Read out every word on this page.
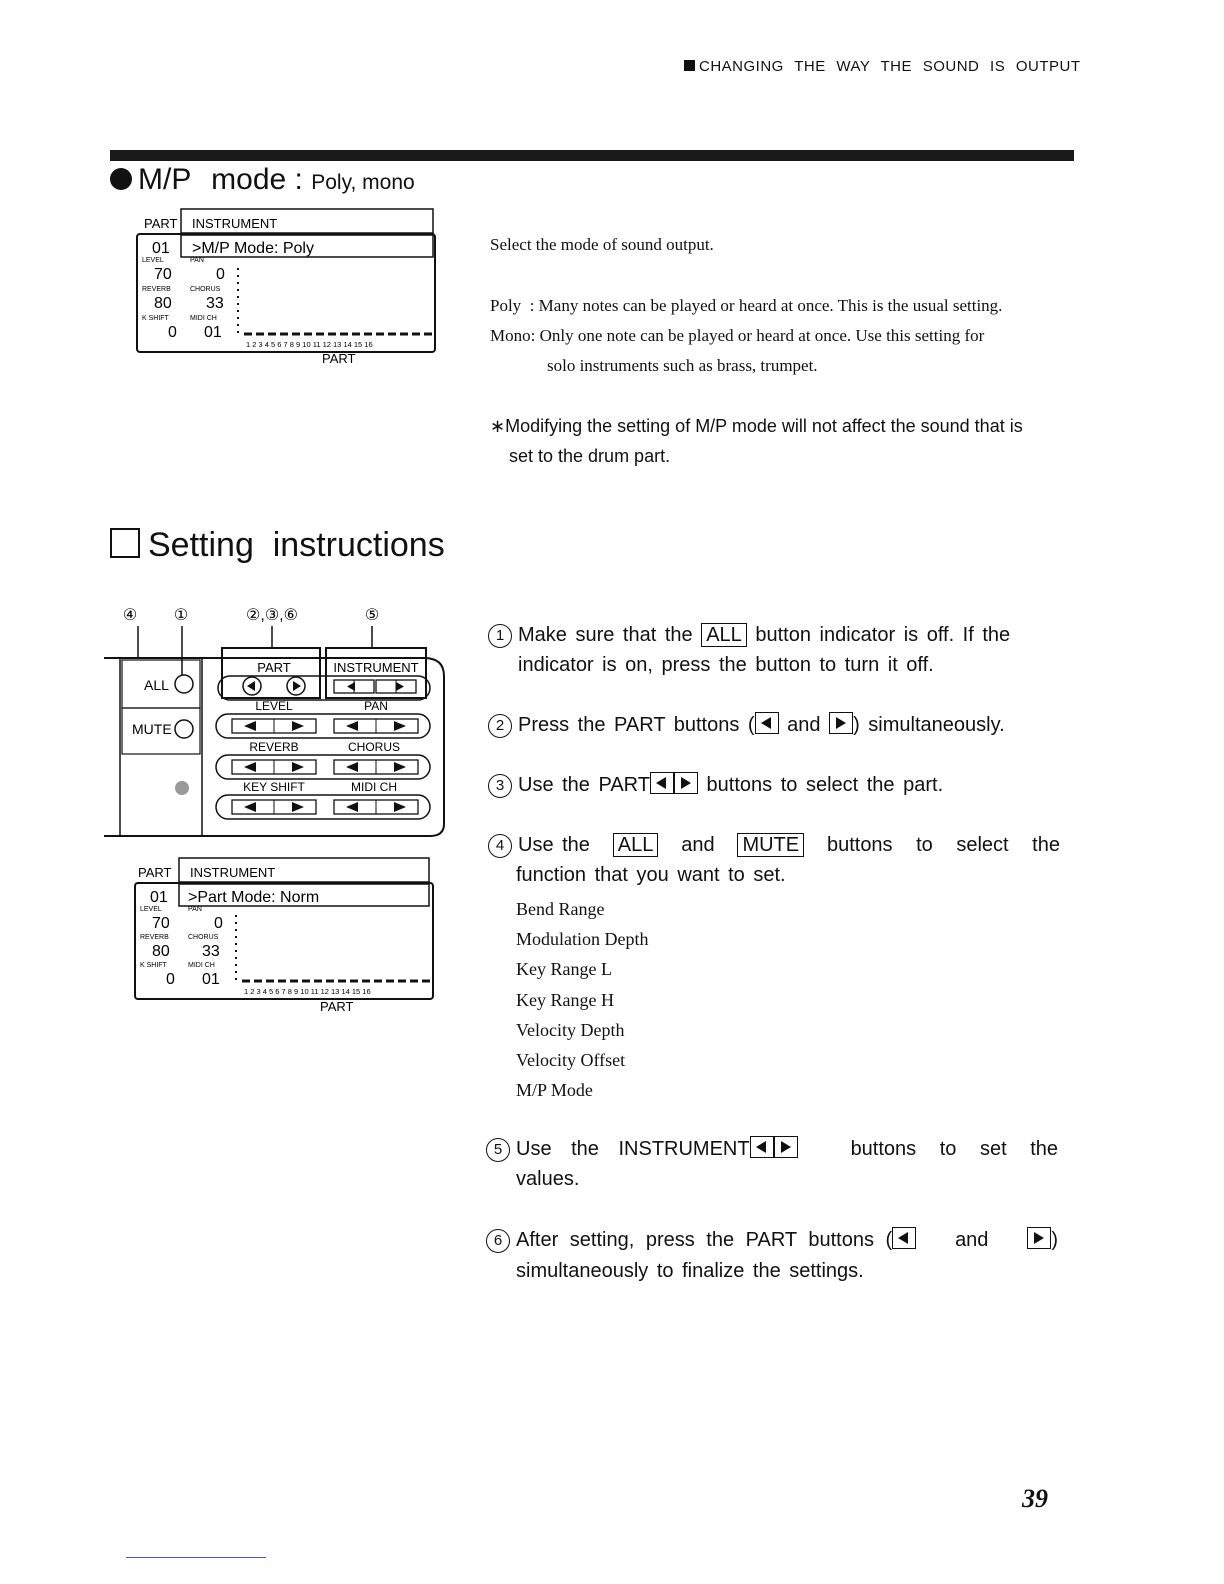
CHANGING THE WAY THE SOUND IS OUTPUT
M/P mode : Poly, mono
PART INSTRUMENT
01 >M/P Mode: Poly
LEVEL	PAN
70	0
REVERB	CHORUS
80 33
K SHIFT	MIDI CH
0 01
1 2 3 4 5 6 7 8 9 10 11 12 13 14 15 16
PART
Select the mode of sound output.
Poly : Many notes can be played or heard at once. This is the usual setting.
Mono: Only one note can be played or heard at once. Use this setting for
solo instruments such as brass, trumpet.
∗Modifying the setting of M/P mode will not affect the sound that is
set to the drum part.
Setting  instructions
④ ①	②,③,⑥	⑤
ALL
MUTE
PART	INSTRUMENT
LEVEL	PAN
REVERB	CHORUS
KEY SHIFT	MIDI CH
PART INSTRUMENT
01 >Part Mode: Norm
LEVEL	PAN
70	0
REVERB	CHORUS
80 33
K SHIFT	MIDI CH
0 01
1 2 3 4 5 6 7 8 9 10 11 12 13 14 15 16
PART
1 Make sure that the ALL button indicator is off. If the
indicator is on, press the button to turn it off.
2 Press the PART buttons ( and ) simultaneously.
3 Use the PART	buttons to select the part.
4 Use the ALL and MUTE buttons to select the
function that you want to set.
Bend Range
Modulation Depth
Key Range L
Key Range H
Velocity Depth
Velocity Offset
M/P Mode
5 Use the INSTRUMENT	buttons to set the
values.
6 After setting, press the PART buttons (	and	)
simultaneously to finalize the settings.
39
